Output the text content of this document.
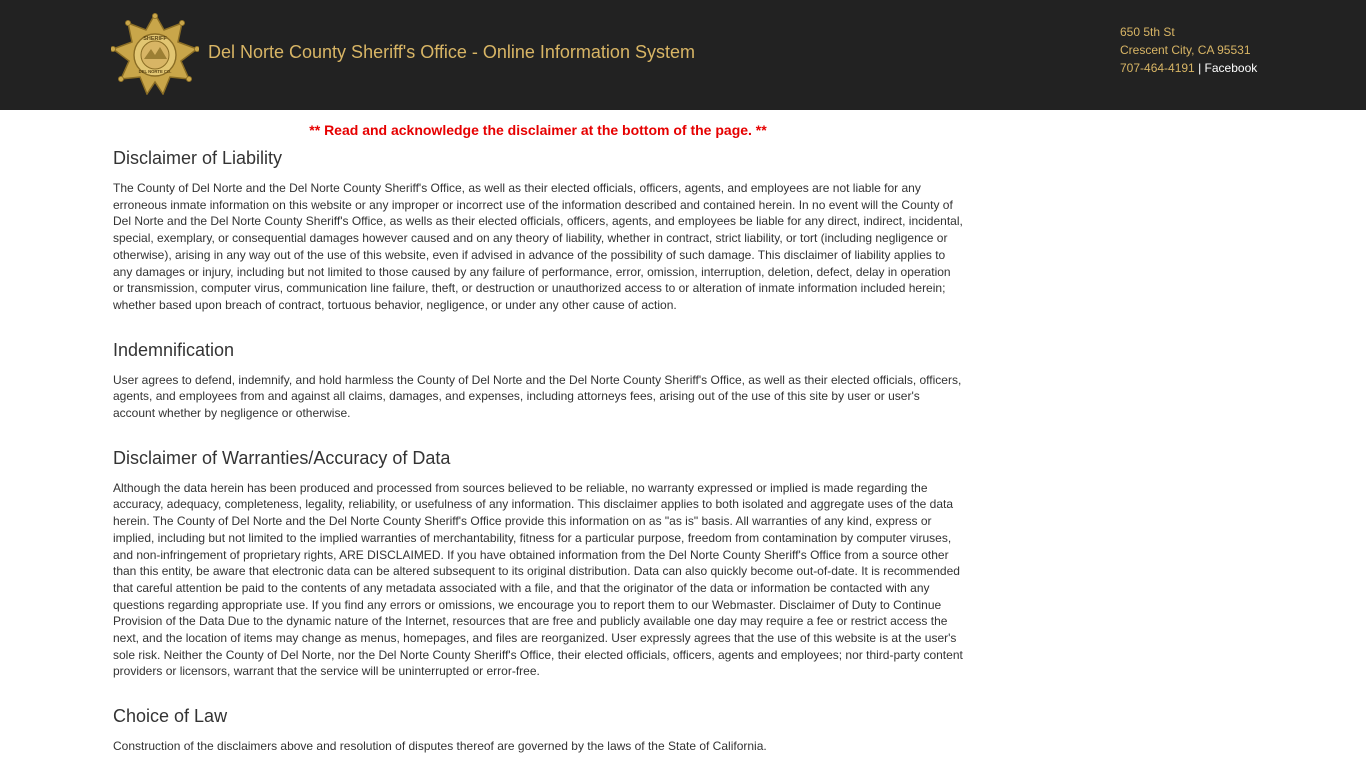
SHERIFF
DEL NORTE CO.
Del Norte County Sheriff's Office - Online Information System
650 5th St
Crescent City, CA 95531
707-464-4191 | Facebook
** Read and acknowledge the disclaimer at the bottom of the page. **
Disclaimer of Liability

The County of Del Norte and the Del Norte County Sheriff's Office, as well as their elected officials, officers, agents, and employees are not liable for any erroneous inmate information on this website or any improper or incorrect use of the information described and contained herein. In no event will the County of Del Norte and the Del Norte County Sheriff's Office, as wells as their elected officials, officers, agents, and employees be liable for any direct, indirect, incidental, special, exemplary, or consequential damages however caused and on any theory of liability, whether in contract, strict liability, or tort (including negligence or otherwise), arising in any way out of the use of this website, even if advised in advance of the possibility of such damage. This disclaimer of liability applies to any damages or injury, including but not limited to those caused by any failure of performance, error, omission, interruption, deletion, defect, delay in operation or transmission, computer virus, communication line failure, theft, or destruction or unauthorized access to or alteration of inmate information included herein; whether based upon breach of contract, tortuous behavior, negligence, or under any other cause of action.

Indemnification

User agrees to defend, indemnify, and hold harmless the County of Del Norte and the Del Norte County Sheriff's Office, as well as their elected officials, officers, agents, and employees from and against all claims, damages, and expenses, including attorneys fees, arising out of the use of this site by user or user's account whether by negligence or otherwise.

Disclaimer of Warranties/Accuracy of Data

Although the data herein has been produced and processed from sources believed to be reliable, no warranty expressed or implied is made regarding the accuracy, adequacy, completeness, legality, reliability, or usefulness of any information. This disclaimer applies to both isolated and aggregate uses of the data herein. The County of Del Norte and the Del Norte County Sheriff's Office provide this information on as "as is" basis. All warranties of any kind, express or implied, including but not limited to the implied warranties of merchantability, fitness for a particular purpose, freedom from contamination by computer viruses, and non-infringement of proprietary rights, ARE DISCLAIMED. If you have obtained information from the Del Norte County Sheriff's Office from a source other than this entity, be aware that electronic data can be altered subsequent to its original distribution. Data can also quickly become out-of-date. It is recommended that careful attention be paid to the contents of any metadata associated with a file, and that the originator of the data or information be contacted with any questions regarding appropriate use. If you find any errors or omissions, we encourage you to report them to our Webmaster. Disclaimer of Duty to Continue Provision of the Data Due to the dynamic nature of the Internet, resources that are free and publicly available one day may require a fee or restrict access the next, and the location of items may change as menus, homepages, and files are reorganized. User expressly agrees that the use of this website is at the user's sole risk. Neither the County of Del Norte, nor the Del Norte County Sheriff's Office, their elected officials, officers, agents and employees; nor third-party content providers or licensors, warrant that the service will be uninterrupted or error-free.

Choice of Law

Construction of the disclaimers above and resolution of disputes thereof are governed by the laws of the State of California.
